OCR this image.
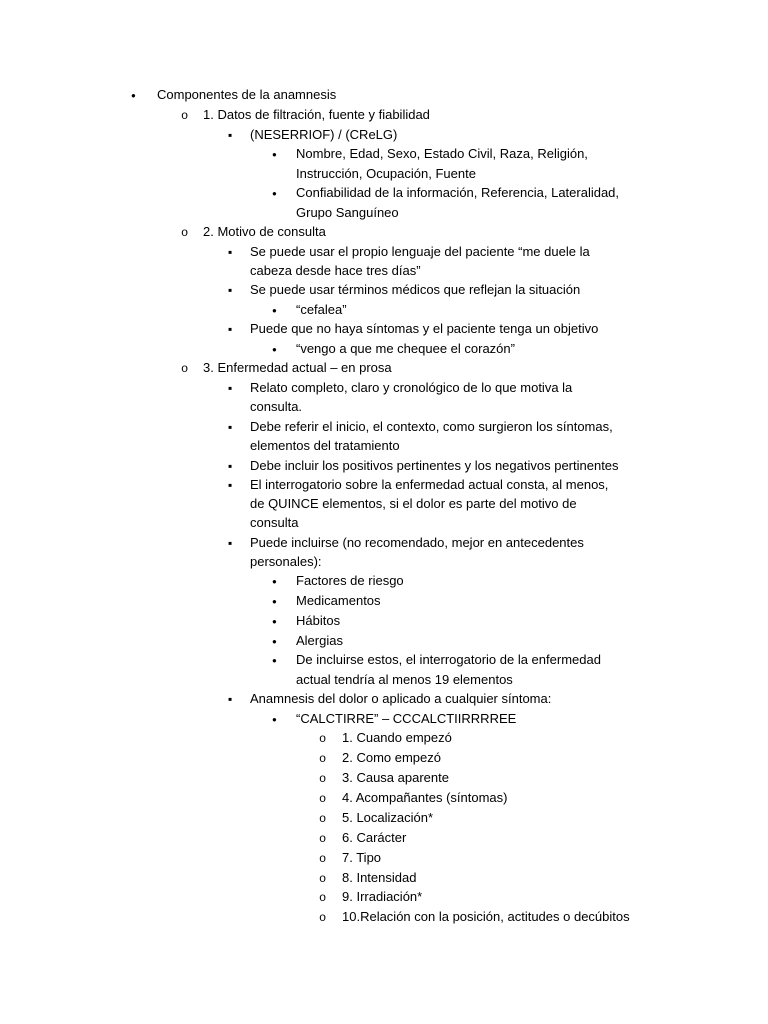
●
Componentes de la anamnesis
o
1. Datos de filtración, fuente y fiabilidad
▪
(NESERRIOF) / (CReLG)
●
Nombre, Edad, Sexo, Estado Civil, Raza, Religión,
Instrucción, Ocupación, Fuente
●
Confiabilidad de la información, Referencia, Lateralidad,
Grupo Sanguíneo
o
2. Motivo de consulta
▪
Se puede usar el propio lenguaje del paciente “me duele la
cabeza desde hace tres días”
▪
Se puede usar términos médicos que reflejan la situación
●
“cefalea”
▪
Puede que no haya síntomas y el paciente tenga un objetivo
●
“vengo a que me chequee el corazón”
o
3. Enfermedad actual – en prosa
▪
Relato completo, claro y cronológico de lo que motiva la
consulta.
▪
Debe referir el inicio, el contexto, como surgieron los síntomas,
elementos del tratamiento
▪
Debe incluir los positivos pertinentes y los negativos pertinentes
▪
El interrogatorio sobre la enfermedad actual consta, al menos,
de QUINCE elementos, si el dolor es parte del motivo de
consulta
▪
Puede incluirse (no recomendado, mejor en antecedentes
personales):
●
Factores de riesgo
●
Medicamentos
●
Hábitos
●
Alergias
●
De incluirse estos, el interrogatorio de la enfermedad
actual tendría al menos 19 elementos
▪
Anamnesis del dolor o aplicado a cualquier síntoma:
●
“CALCTIRRE” – CCCALCTIIRRRREE
o
1. Cuando empezó
o
2. Como empezó
o
3. Causa aparente
o
4. Acompañantes (síntomas)
o
5. Localización*
o
6. Carácter
o
7. Tipo
o
8. Intensidad
o
9. Irradiación*
o
10.Relación con la posición, actitudes o decúbitos
